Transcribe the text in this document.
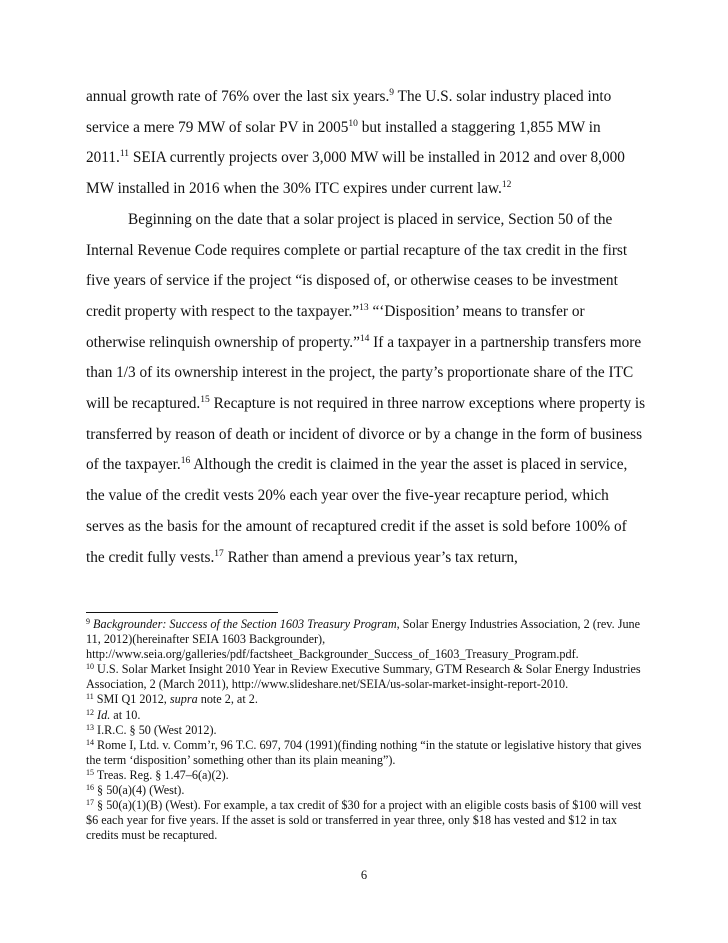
annual growth rate of 76% over the last six years.$^9$ The U.S. solar industry placed into service a mere 79 MW of solar PV in 2005$^{10}$ but installed a staggering 1,855 MW in 2011.11 SEIA currently projects over 3,000 MW will be installed in 2012 and over 8,000 MW installed in 2016 when the 30% ITC expires under current law.$^{12}$

Beginning on the date that a solar project is placed in service, Section 50 of the Internal Revenue Code requires complete or partial recapture of the tax credit in the first five years of service if the project “is disposed of, or otherwise ceases to be investment credit property with respect to the taxpayer.”$^{13}$ “‘Disposition’ means to transfer or otherwise relinquish ownership of property.”$^{14}$ If a taxpayer in a partnership transfers more than 1/3 of its ownership interest in the project, the party’s proportionate share of the ITC will be recaptured.$^{15}$ Recapture is not required in three narrow exceptions where property is transferred by reason of death or incident of divorce or by a change in the form of business of the taxpayer.$^{16}$ Although the credit is claimed in the year the asset is placed in service, the value of the credit vests 20% each year over the five-year recapture period, which serves as the basis for the amount of recaptured credit if the asset is sold before 100% of the credit fully vests.$^{17}$ Rather than amend a previous year’s tax return,

$^9$ Backgrounder: Success of the Section 1603 Treasury Program, Solar Energy Industries Association, 2 (rev. June 11, 2012)(hereinafter SEIA 1603 Backgrounder), http://www.seia.org/galleries/pdf/factsheet_Backgrounder_Success_of_1603_Treasury_Program.pdf.

$^{10}$ U.S. Solar Market Insight 2010 Year in Review Executive Summary, GTM Research & Solar Energy Industries Association, 2 (March 2011), http://www.slideshare.net/SEIA/us-solar-market-insight-report-2010.

$^{11}$ SMI Q1 2012, supra note 2, at 2.

$^{12}$ Id. at 10.

$^{13}$ I.R.C. § 50 (West 2012).

$^{14}$ Rome I, Ltd. v. Comm’r, 96 T.C. 697, 704 (1991)(finding nothing “in the statute or legislative history that gives the term ‘disposition’ something other than its plain meaning”).

$^{15}$ Treas. Reg. § 1.47–6(a)(2).

$^{16}$ § 50(a)(4) (West).

$^{17}$ § 50(a)(1)(B) (West). For example, a tax credit of $30 for a project with an eligible costs basis of $100 will vest $6 each year for five years. If the asset is sold or transferred in year three, only $18 has vested and $12 in tax credits must be recaptured.

6
